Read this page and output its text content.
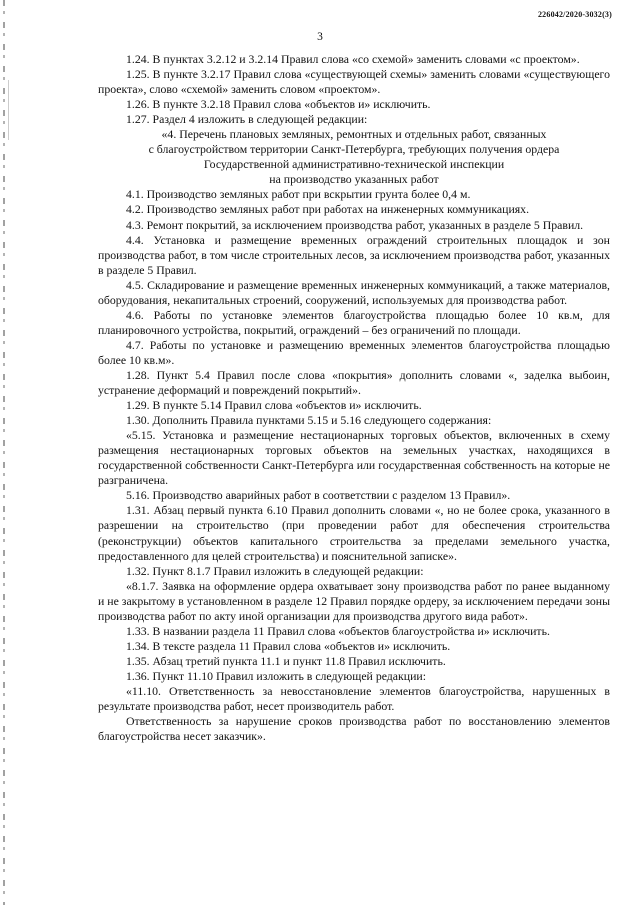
226042/2020-3032(3)
3

1.24. В пунктах 3.2.12 и 3.2.14 Правил слова «со схемой» заменить словами «с проектом».

1.25. В пункте 3.2.17 Правил слова «существующей схемы» заменить словами «существующего проекта», слово «схемой» заменить словом «проектом».

1.26. В пункте 3.2.18 Правил слова «объектов и» исключить.

1.27. Раздел 4 изложить в следующей редакции:

«4. Перечень плановых земляных, ремонтных и отдельных работ, связанных

с благоустройством территории Санкт-Петербурга, требующих получения ордера

Государственной административно-технической инспекции

на производство указанных работ

4.1. Производство земляных работ при вскрытии грунта более 0,4 м.

4.2. Производство земляных работ при работах на инженерных коммуникациях.

4.3. Ремонт покрытий, за исключением производства работ, указанных в разделе 5 Правил.

4.4. Установка и размещение временных ограждений строительных площадок и зон производства работ, в том числе строительных лесов, за исключением производства работ, указанных в разделе 5 Правил.

4.5. Складирование и размещение временных инженерных коммуникаций, а также материалов, оборудования, некапитальных строений, сооружений, используемых для производства работ.

4.6. Работы по установке элементов благоустройства площадью более 10 кв.м, для планировочного устройства, покрытий, ограждений – без ограничений по площади.

4.7. Работы по установке и размещению временных элементов благоустройства площадью более 10 кв.м».

1.28. Пункт 5.4 Правил после слова «покрытия» дополнить словами «, заделка выбоин, устранение деформаций и повреждений покрытий».

1.29. В пункте 5.14 Правил слова «объектов и» исключить.

1.30. Дополнить Правила пунктами 5.15 и 5.16 следующего содержания:

«5.15. Установка и размещение нестационарных торговых объектов, включенных в схему размещения нестационарных торговых объектов на земельных участках, находящихся в государственной собственности Санкт-Петербурга или государственная собственность на которые не разграничена.

5.16. Производство аварийных работ в соответствии с разделом 13 Правил».

1.31. Абзац первый пункта 6.10 Правил дополнить словами «, но не более срока, указанного в разрешении на строительство (при проведении работ для обеспечения строительства (реконструкции) объектов капитального строительства за пределами земельного участка, предоставленного для целей строительства) и пояснительной записке».

1.32. Пункт 8.1.7 Правил изложить в следующей редакции:

«8.1.7. Заявка на оформление ордера охватывает зону производства работ по ранее выданному и не закрытому в установленном в разделе 12 Правил порядке ордеру, за исключением передачи зоны производства работ по акту иной организации для производства другого вида работ».

1.33. В названии раздела 11 Правил слова «объектов благоустройства и» исключить.

1.34. В тексте раздела 11 Правил слова «объектов и» исключить.

1.35. Абзац третий пункта 11.1 и пункт 11.8 Правил исключить.

1.36. Пункт 11.10 Правил изложить в следующей редакции:

«11.10. Ответственность за невосстановление элементов благоустройства, нарушенных в результате производства работ, несет производитель работ.

Ответственность за нарушение сроков производства работ по восстановлению элементов благоустройства несет заказчик».
